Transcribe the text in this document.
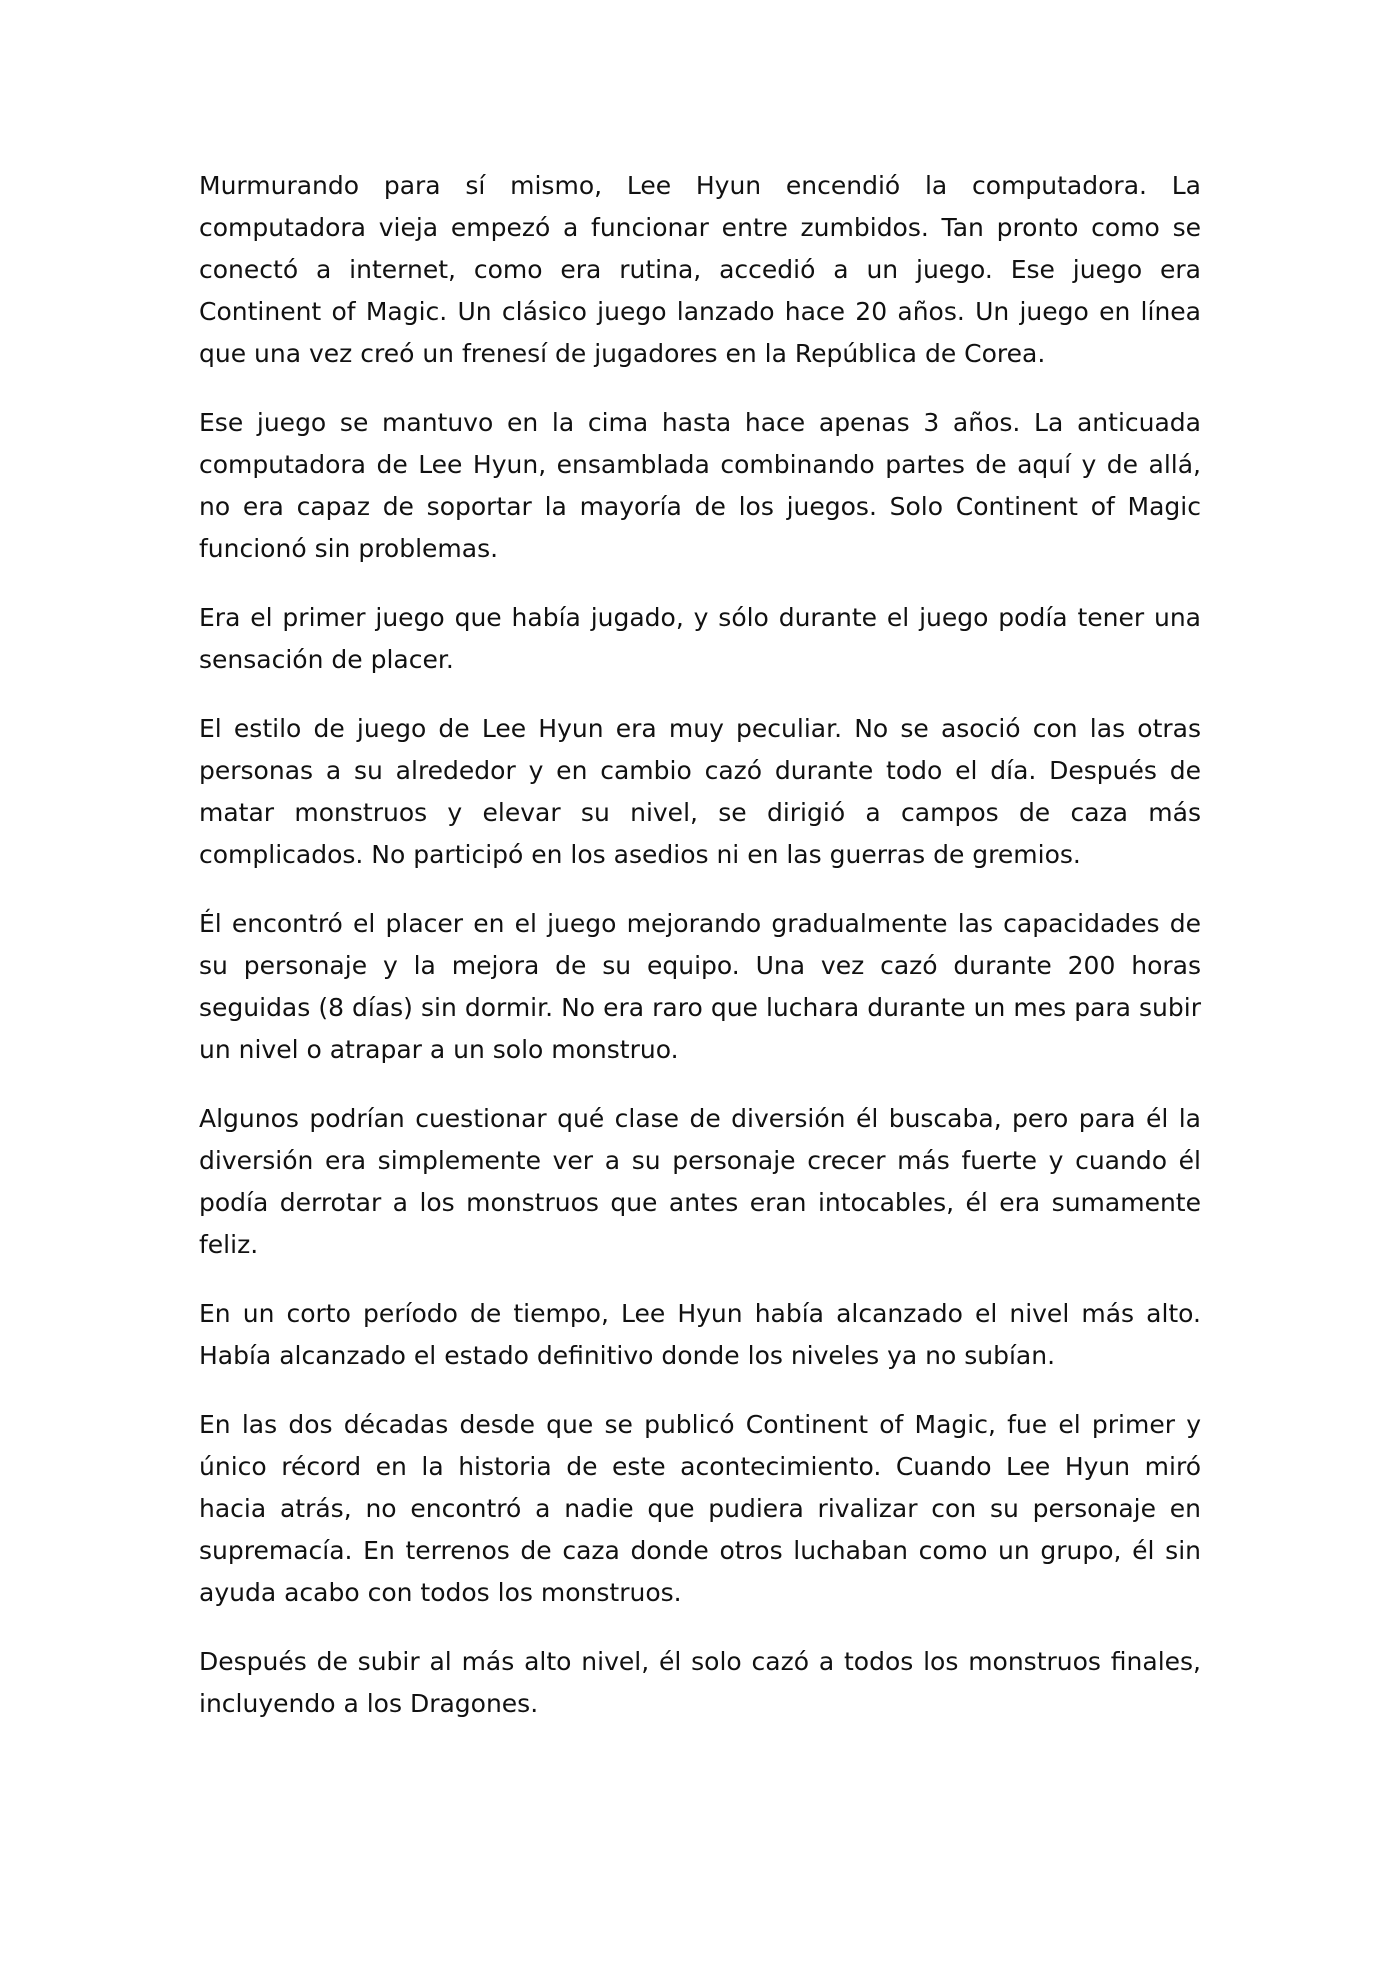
Murmurando para sí mismo, Lee Hyun encendió la computadora. La computadora vieja empezó a funcionar entre zumbidos. Tan pronto como se conectó a internet, como era rutina, accedió a un juego. Ese juego era Continent of Magic. Un clásico juego lanzado hace 20 años. Un juego en línea que una vez creó un frenesí de jugadores en la República de Corea.

Ese juego se mantuvo en la cima hasta hace apenas 3 años. La anticuada computadora de Lee Hyun, ensamblada combinando partes de aquí y de allá, no era capaz de soportar la mayoría de los juegos. Solo Continent of Magic funcionó sin problemas.

Era el primer juego que había jugado, y sólo durante el juego podía tener una sensación de placer.

El estilo de juego de Lee Hyun era muy peculiar. No se asoció con las otras personas a su alrededor y en cambio cazó durante todo el día. Después de matar monstruos y elevar su nivel, se dirigió a campos de caza más complicados. No participó en los asedios ni en las guerras de gremios.

Él encontró el placer en el juego mejorando gradualmente las capacidades de su personaje y la mejora de su equipo. Una vez cazó durante 200 horas seguidas (8 días) sin dormir. No era raro que luchara durante un mes para subir un nivel o atrapar a un solo monstruo.

Algunos podrían cuestionar qué clase de diversión él buscaba, pero para él la diversión era simplemente ver a su personaje crecer más fuerte y cuando él podía derrotar a los monstruos que antes eran intocables, él era sumamente feliz.

En un corto período de tiempo, Lee Hyun había alcanzado el nivel más alto. Había alcanzado el estado definitivo donde los niveles ya no subían.

En las dos décadas desde que se publicó Continent of Magic, fue el primer y único récord en la historia de este acontecimiento. Cuando Lee Hyun miró hacia atrás, no encontró a nadie que pudiera rivalizar con su personaje en supremacía. En terrenos de caza donde otros luchaban como un grupo, él sin ayuda acabo con todos los monstruos.

Después de subir al más alto nivel, él solo cazó a todos los monstruos finales, incluyendo a los Dragones.
